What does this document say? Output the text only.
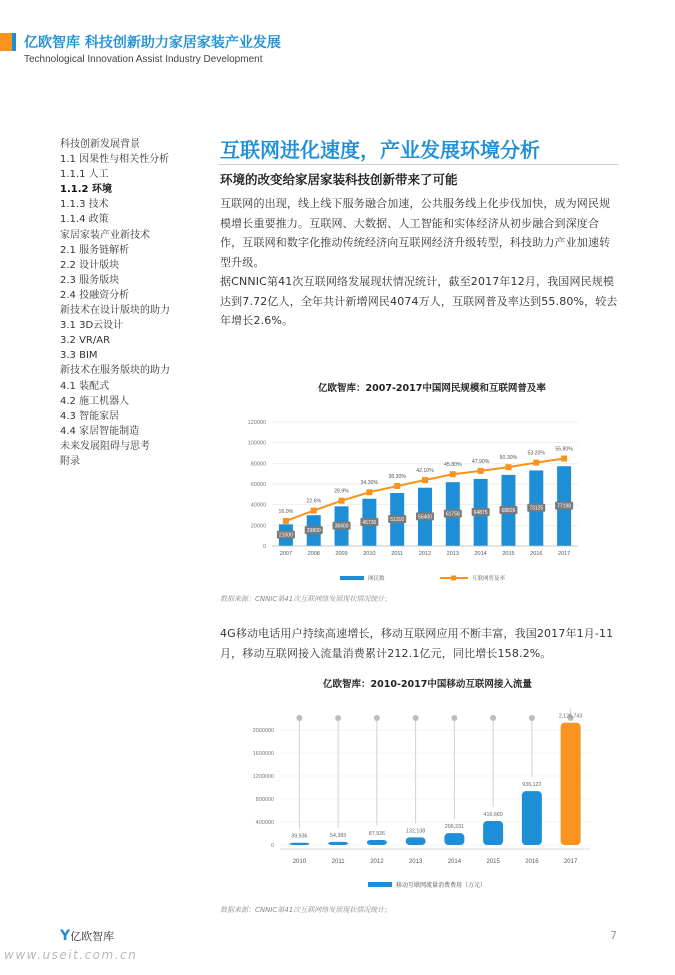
亿欧智库 科技创新助力家居家装产业发展
Technological Innovation Assist Industry Development
科技创新发展背景
1.1 因果性与相关性分析
1.1.1 人工
1.1.2 环境
1.1.3 技术
1.1.4 政策
家居家装产业新技术
2.1 服务链解析
2.2 设计版块
2.3 服务版块
2.4 投融资分析
新技术在设计版块的助力
3.1 3D云设计
3.2 VR/AR
3.3 BIM
新技术在服务版块的助力
4.1 装配式
4.2 施工机器人
4.3 智能家居
4.4 家居智能制造
未来发展阻碍与思考
附录
互联网进化速度，产业发展环境分析
环境的改变给家居家装科技创新带来了可能
互联网的出现，线上线下服务融合加速，公共服务线上化步伐加快，成为网民规模增长重要推力。互联网、大数据、人工智能和实体经济从初步融合到深度合作，互联网和数字化推动传统经济向互联网经济升级转型，科技助力产业加速转型升级。
据CNNIC第41次互联网络发展现状情况统计，截至2017年12月，我国网民规模达到7.72亿人，全年共计新增网民4074万人，互联网普及率达到55.80%，较去年增长2.6%。
亿欧智库：2007-2017中国网民规模和互联网普及率
0
20000
40000
60000
80000
100000
120000
21000
2007
29800
2008
38400
2009
45730
2010
51310
2011
56400
2012
61758
2013
64875
2014
68826
2015
73125
2016
77198
2017
16.0%
22.6%
28.9%
34.30%
38.30%
42.10%
45.80%
47.90%
50.30%
53.20%
55.80%
网民数	互联网普及率
数据来源：CNNIC第41次互联网络发展现状情况统计；
4G移动电话用户持续高速增长，移动互联网应用不断丰富，我国2017年1月-11月，移动互联网接入流量消费累计212.1亿元，同比增长158.2%。
亿欧智库：2010-2017中国移动互联网接入流量
0
400000
800000
1200000
1600000
2000000
39,936
2010
54,383
2011
87,926
2012
132,138
2013
206,231
2014
416,660
2015
936,122
2016
2,126,743
2017
移动互联网流量消费费用（万元）
数据来源：CNNIC第41次互联网络发展现状情况统计；
Y亿欧智库	7
www.useit.com.cn
